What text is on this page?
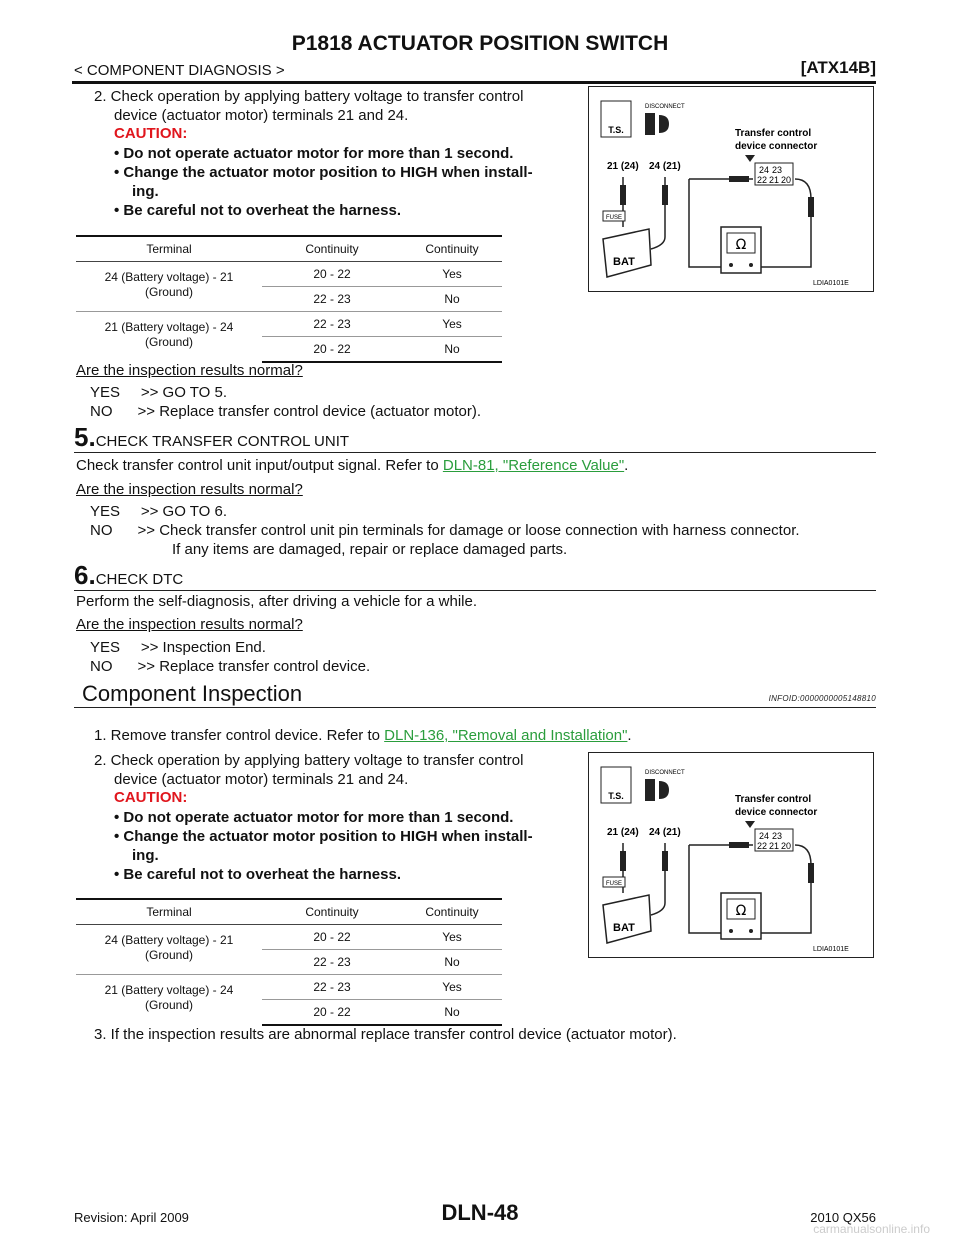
P1818 ACTUATOR POSITION SWITCH
< COMPONENT DIAGNOSIS >	[ATX14B]
2. Check operation by applying battery voltage to transfer control
device (actuator motor) terminals 21 and 24.
CAUTION:
• Do not operate actuator motor for more than 1 second.
• Change the actuator motor position to HIGH when install-
ing.
• Be careful not to overheat the harness.
Terminal	Continuity	Continuity

24 (Battery voltage) - 21
(Ground)	20 - 22	Yes
	22 - 23	No

21 (Battery voltage) - 24
(Ground)	22 - 23	Yes
	20 - 22	No
T.S.
DISCONNECT
Transfer control
device connector
24 23
22 21 20
21 (24) 24 (21)
FUSE
BAT
Ω
LDIA0101E
Are the inspection results normal?
YES     >> GO TO 5.
NO      >> Replace transfer control device (actuator motor).
5.CHECK TRANSFER CONTROL UNIT
Check transfer control unit input/output signal. Refer to DLN-81, "Reference Value".
Are the inspection results normal?
YES     >> GO TO 6.
NO      >> Check transfer control unit pin terminals for damage or loose connection with harness connector.
If any items are damaged, repair or replace damaged parts.
6.CHECK DTC
Perform the self-diagnosis, after driving a vehicle for a while.
Are the inspection results normal?
YES     >> Inspection End.
NO      >> Replace transfer control device.
Component Inspection	INFOID:0000000005148810
1. Remove transfer control device. Refer to DLN-136, "Removal and Installation".
2. Check operation by applying battery voltage to transfer control
device (actuator motor) terminals 21 and 24.
CAUTION:
• Do not operate actuator motor for more than 1 second.
• Change the actuator motor position to HIGH when install-
ing.
• Be careful not to overheat the harness.
Terminal	Continuity	Continuity

24 (Battery voltage) - 21
(Ground)	20 - 22	Yes
	22 - 23	No

21 (Battery voltage) - 24
(Ground)	22 - 23	Yes
	20 - 22	No
T.S.
DISCONNECT
Transfer control
device connector
24 23
22 21 20
21 (24) 24 (21)
FUSE
BAT
Ω
LDIA0101E
3. If the inspection results are abnormal replace transfer control device (actuator motor).
Revision: April 2009	DLN-48	2010 QX56
carmanualsonline.info
